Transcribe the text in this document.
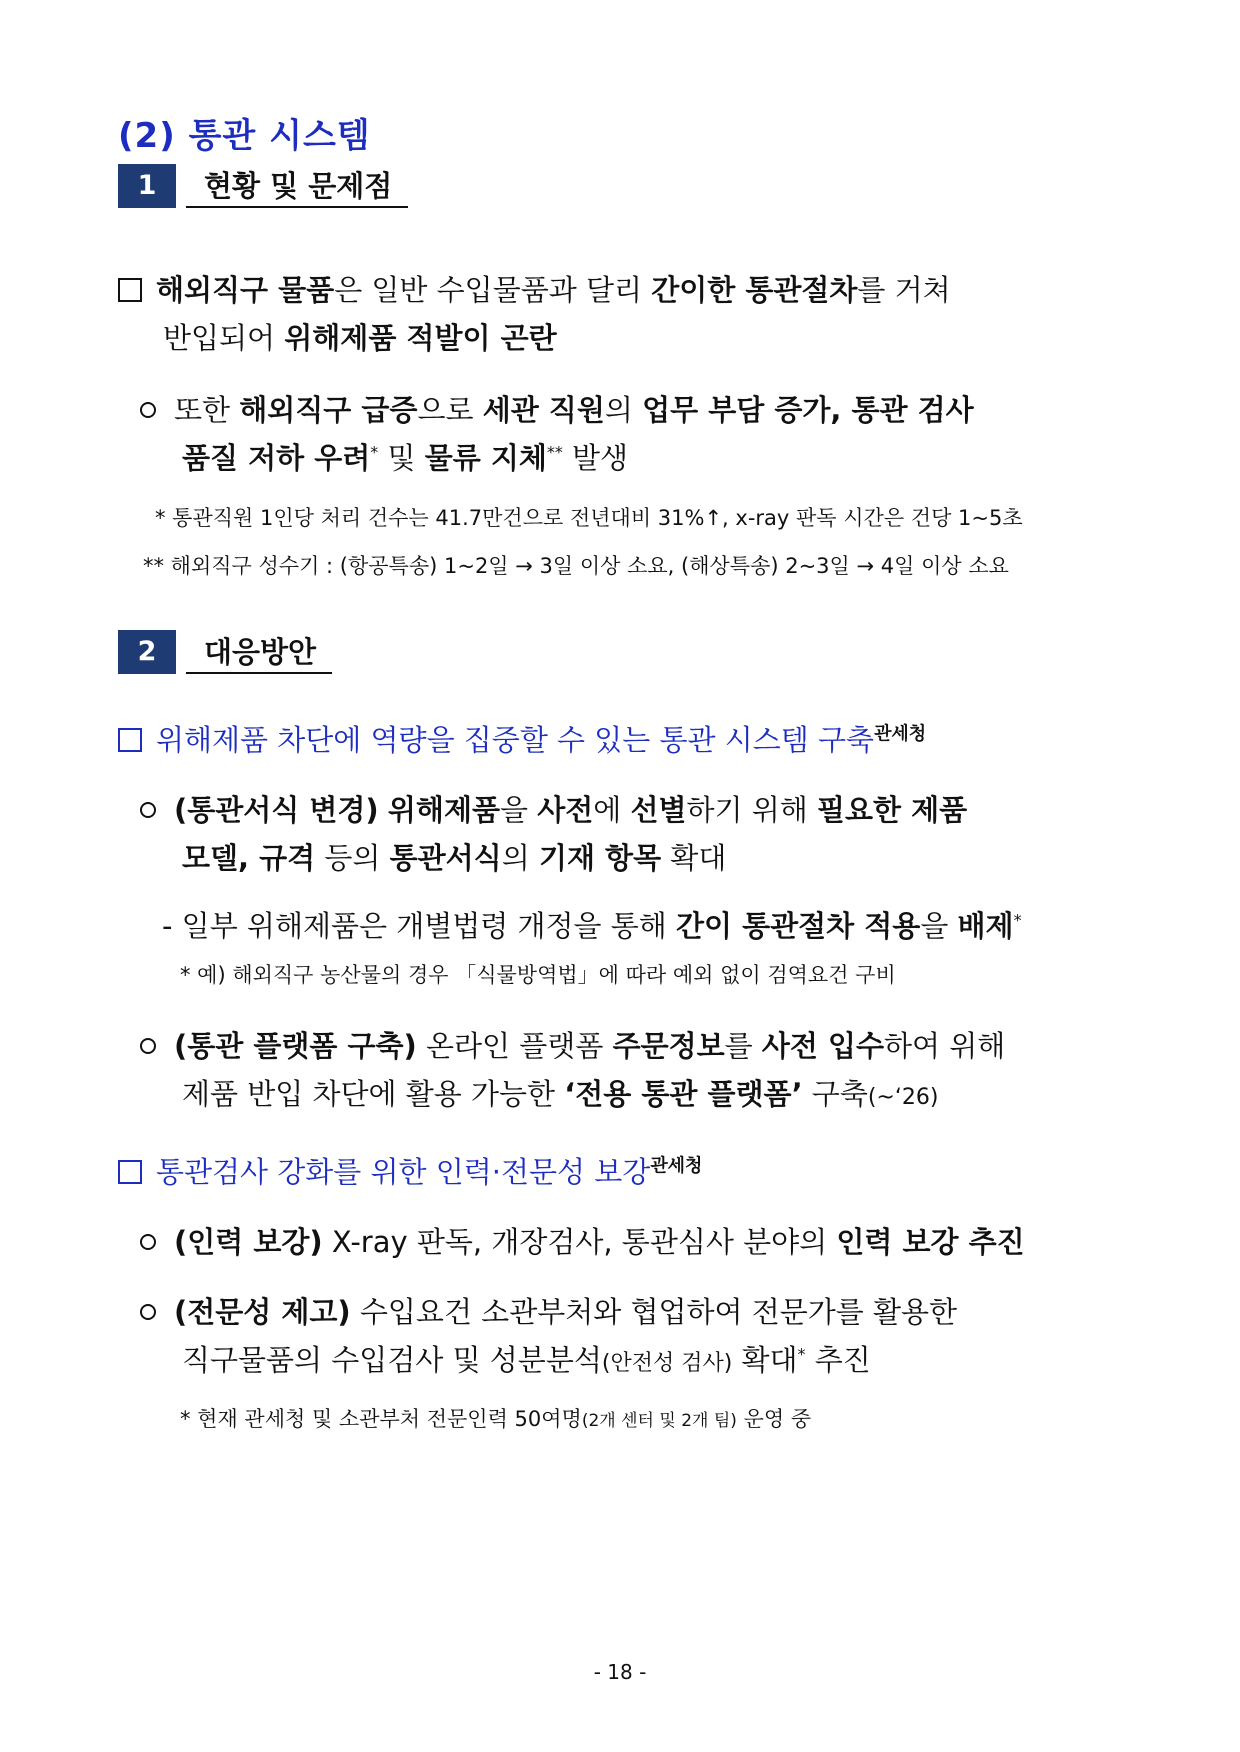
(2) 통관 시스템
1	현황 및 문제점
해외직구 물품은 일반 수입물품과 달리 간이한 통관절차를 거쳐
반입되어 위해제품 적발이 곤란
또한 해외직구 급증으로 세관 직원의 업무 부담 증가, 통관 검사
품질 저하 우려* 및 물류 지체** 발생
* 통관직원 1인당 처리 건수는 41.7만건으로 전년대비 31%↑, x-ray 판독 시간은 건당 1~5초
** 해외직구 성수기 : (항공특송) 1~2일 → 3일 이상 소요, (해상특송) 2~3일 → 4일 이상 소요
2	대응방안
위해제품 차단에 역량을 집중할 수 있는 통관 시스템 구축$^{관세청}$
(통관서식 변경) 위해제품을 사전에 선별하기 위해 필요한 제품
모델, 규격 등의 통관서식의 기재 항목 확대
- 일부 위해제품은 개별법령 개정을 통해 간이 통관절차 적용을 배제*
* 예) 해외직구 농산물의 경우 「식물방역법」에 따라 예외 없이 검역요건 구비
(통관 플랫폼 구축) 온라인 플랫폼 주문정보를 사전 입수하여 위해
제품 반입 차단에 활용 가능한 ‘전용 통관 플랫폼’ 구축(~‘26)
통관검사 강화를 위한 인력·전문성 보강$^{관세청}$
(인력 보강) X-ray 판독, 개장검사, 통관심사 분야의 인력 보강 추진
(전문성 제고) 수입요건 소관부처와 협업하여 전문가를 활용한
직구물품의 수입검사 및 성분분석(안전성 검사) 확대* 추진
* 현재 관세청 및 소관부처 전문인력 50여명(2개 센터 및 2개 팀) 운영 중
- 18 -
